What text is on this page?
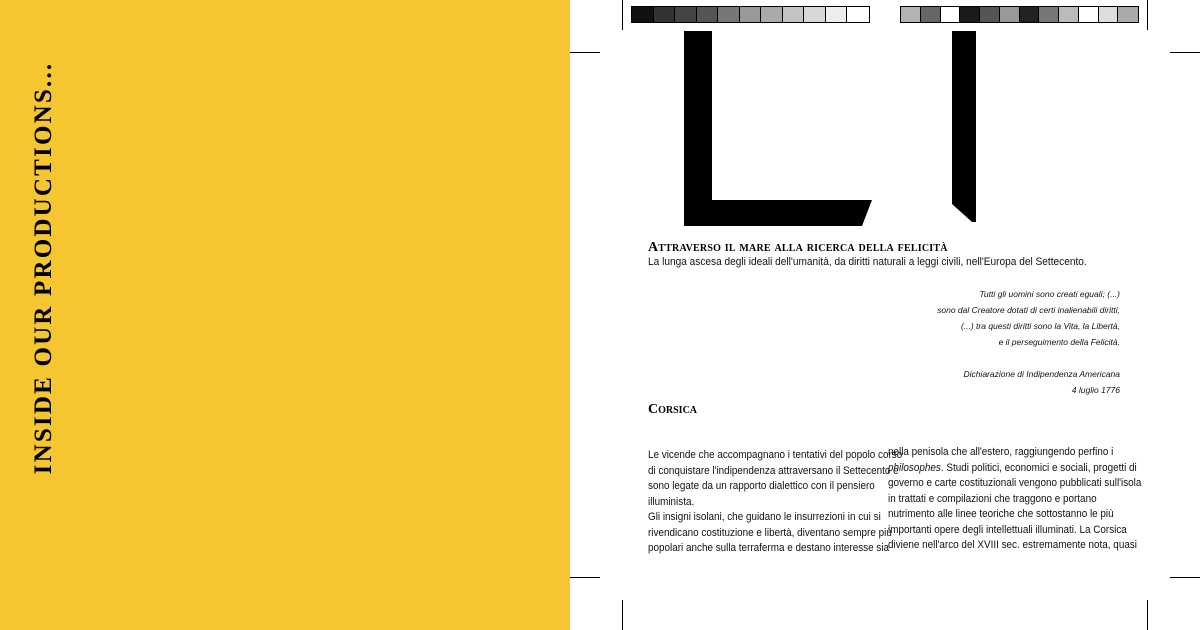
INSIDE OUR PRODUCTIONS...	Attraverso il mare alla ricerca della felicità
La lunga ascesa degli ideali dell'umanità, da diritti naturali a leggi civili, nell'Europa del Settecento.
Tutti gli uomini sono creati eguali; (...)
sono dal Creatore dotati di certi inalienabili diritti,
(...) tra questi diritti sono la Vita, la Libertà,
e il perseguimento della Felicità.
Dichiarazione di Indipendenza Americana
4 luglio 1776
Corsica
Le vicende che accompagnano i tentativi del popolo corso
di conquistare l'indipendenza attraversano il Settecento e
sono legate da un rapporto dialettico con il pensiero
illuminista.
Gli insigni isolani, che guidano le insurrezioni in cui si
rivendicano costituzione e libertà, diventano sempre più
popolari anche sulla terraferma e destano interesse sia
nella penisola che all'estero, raggiungendo perfino i
philosophes. Studi politici, economici e sociali, progetti di
governo e carte costituzionali vengono pubblicati sull'isola
in trattati e compilazioni che traggono e portano
nutrimento alle linee teoriche che sottostanno le più
importanti opere degli intellettuali illuminati. La Corsica
diviene nell'arco del XVIII sec. estremamente nota, quasi
